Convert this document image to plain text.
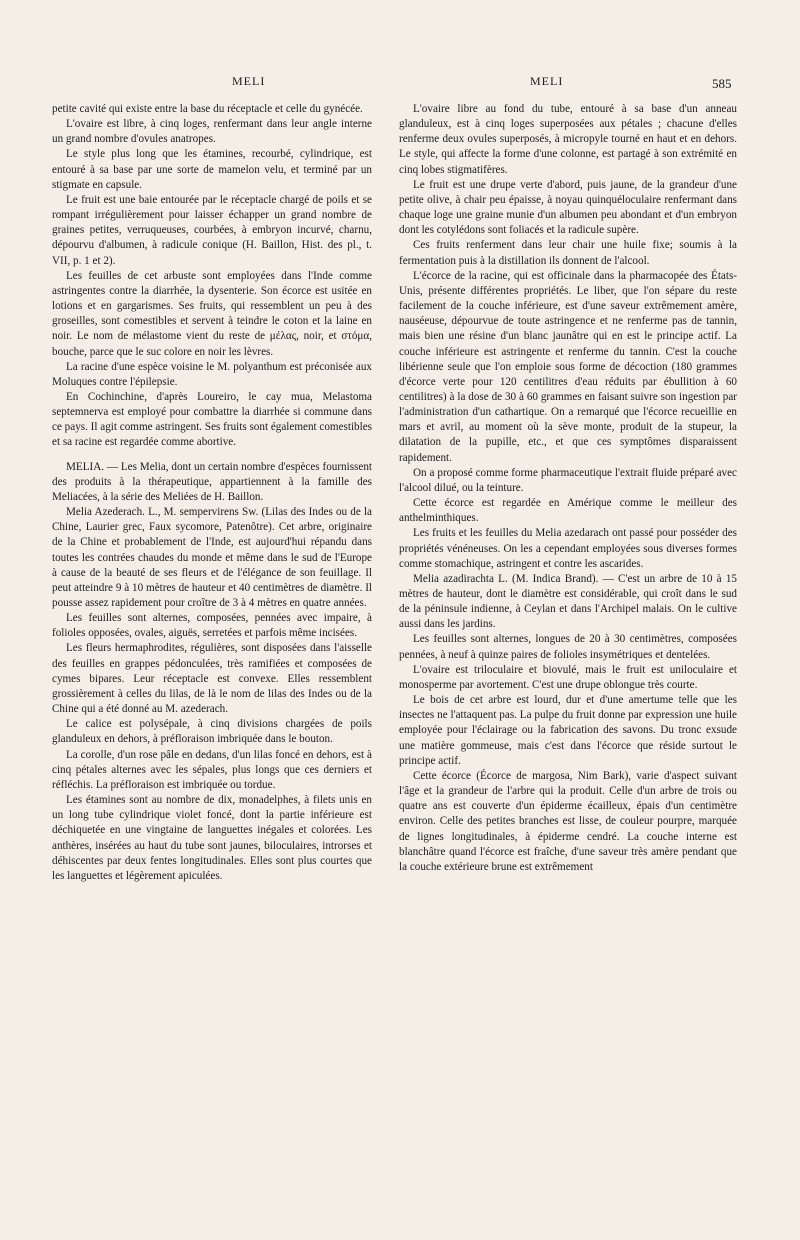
MELI	MELI	585

petite cavité qui existe entre la base du réceptacle et celle du gynécée.

L'ovaire est libre, à cinq loges, renfermant dans leur angle interne un grand nombre d'ovules anatropes.

Le style plus long que les étamines, recourbé, cylindrique, est entouré à sa base par une sorte de mamelon velu, et terminé par un stigmate en capsule.

Le fruit est une baie entourée par le réceptacle chargé de poils et se rompant irrégulièrement pour laisser échapper un grand nombre de graines petites, verruqueuses, courbées, à embryon incurvé, charnu, dépourvu d'albumen, à radicule conique (H. Baillon, Hist. des pl., t. VII, p. 1 et 2).

Les feuilles de cet arbuste sont employées dans l'Inde comme astringentes contre la diarrhée, la dysenterie. Son écorce est usitée en lotions et en gargarismes. Ses fruits, qui ressemblent un peu à des groseilles, sont comestibles et servent à teindre le coton et la laine en noir. Le nom de mélastome vient du reste de μέλας, noir, et στόμα, bouche, parce que le suc colore en noir les lèvres.

La racine d'une espèce voisine le M. polyanthum est préconisée aux Moluques contre l'épilepsie.

En Cochinchine, d'après Loureiro, le cay mua, Melastoma septemnerva est employé pour combattre la diarrhée si commune dans ce pays. Il agit comme astringent. Ses fruits sont également comestibles et sa racine est regardée comme abortive.

MELIA. — Les Melia, dont un certain nombre d'espèces fournissent des produits à la thérapeutique, appartiennent à la famille des Meliacées, à la série des Meliées de H. Baillon.

Melia Azederach. L., M. sempervirens Sw. (Lilas des Indes ou de la Chine, Laurier grec, Faux sycomore, Patenôtre). Cet arbre, originaire de la Chine et probablement de l'Inde, est aujourd'hui répandu dans toutes les contrées chaudes du monde et même dans le sud de l'Europe à cause de la beauté de ses fleurs et de l'élégance de son feuillage. Il peut atteindre 9 à 10 mètres de hauteur et 40 centimètres de diamètre. Il pousse assez rapidement pour croître de 3 à 4 mètres en quatre années.

Les feuilles sont alternes, composées, pennées avec impaire, à folioles opposées, ovales, aiguës, serretées et parfois même incisées.

Les fleurs hermaphrodites, régulières, sont disposées dans l'aisselle des feuilles en grappes pédonculées, très ramifiées et composées de cymes bipares. Leur réceptacle est convexe. Elles ressemblent grossièrement à celles du lilas, de là le nom de lilas des Indes ou de la Chine qui a été donné au M. azederach.

Le calice est polysépale, à cinq divisions chargées de poils glanduleux en dehors, à préfloraison imbriquée dans le bouton.

La corolle, d'un rose pâle en dedans, d'un lilas foncé en dehors, est à cinq pétales alternes avec les sépales, plus longs que ces derniers et réfléchis. La préfloraison est imbriquée ou tordue.

Les étamines sont au nombre de dix, monadelphes, à filets unis en un long tube cylindrique violet foncé, dont la partie inférieure est déchiquetée en une vingtaine de languettes inégales et colorées. Les anthères, insérées au haut du tube sont jaunes, biloculaires, introrses et déhiscentes par deux fentes longitudinales. Elles sont plus courtes que les languettes et légèrement apiculées.

L'ovaire libre au fond du tube, entouré à sa base d'un anneau glanduleux, est à cinq loges superposées aux pétales ; chacune d'elles renferme deux ovules superposés, à micropyle tourné en haut et en dehors. Le style, qui affecte la forme d'une colonne, est partagé à son extrémité en cinq lobes stigmatifères.

Le fruit est une drupe verte d'abord, puis jaune, de la grandeur d'une petite olive, à chair peu épaisse, à noyau quinquéloculaire renfermant dans chaque loge une graine munie d'un albumen peu abondant et d'un embryon dont les cotylédons sont foliacés et la radicule supère.

Ces fruits renferment dans leur chair une huile fixe; soumis à la fermentation puis à la distillation ils donnent de l'alcool.

L'écorce de la racine, qui est officinale dans la pharmacopée des États-Unis, présente différentes propriétés. Le liber, que l'on sépare du reste facilement de la couche inférieure, est d'une saveur extrêmement amère, nauséeuse, dépourvue de toute astringence et ne renferme pas de tannin, mais bien une résine d'un blanc jaunâtre qui en est le principe actif. La couche inférieure est astringente et renferme du tannin. C'est la couche libérienne seule que l'on emploie sous forme de décoction (180 grammes d'écorce verte pour 120 centilitres d'eau réduits par ébullition à 60 centilitres) à la dose de 30 à 60 grammes en faisant suivre son ingestion par l'administration d'un cathartique. On a remarqué que l'écorce recueillie en mars et avril, au moment où la sève monte, produit de la stupeur, la dilatation de la pupille, etc., et que ces symptômes disparaissent rapidement.

On a proposé comme forme pharmaceutique l'extrait fluide préparé avec l'alcool dilué, ou la teinture.

Cette écorce est regardée en Amérique comme le meilleur des anthelminthiques.

Les fruits et les feuilles du Melia azedarach ont passé pour posséder des propriétés vénéneuses. On les a cependant employées sous diverses formes comme stomachique, astringent et contre les ascarides.

Melia azadirachta L. (M. Indica Brand). — C'est un arbre de 10 à 15 mètres de hauteur, dont le diamètre est considérable, qui croît dans le sud de la péninsule indienne, à Ceylan et dans l'Archipel malais. On le cultive aussi dans les jardins.

Les feuilles sont alternes, longues de 20 à 30 centimètres, composées pennées, à neuf à quinze paires de folioles insymétriques et dentelées.

L'ovaire est triloculaire et biovulé, mais le fruit est uniloculaire et monosperme par avortement. C'est une drupe oblongue très courte.

Le bois de cet arbre est lourd, dur et d'une amertume telle que les insectes ne l'attaquent pas. La pulpe du fruit donne par expression une huile employée pour l'éclairage ou la fabrication des savons. Du tronc exsude une matière gommeuse, mais c'est dans l'écorce que réside surtout le principe actif.

Cette écorce (Écorce de margosa, Nim Bark), varie d'aspect suivant l'âge et la grandeur de l'arbre qui la produit. Celle d'un arbre de trois ou quatre ans est couverte d'un épiderme écailleux, épais d'un centimètre environ. Celle des petites branches est lisse, de couleur pourpre, marquée de lignes longitudinales, à épiderme cendré. La couche interne est blanchâtre quand l'écorce est fraîche, d'une saveur très amère pendant que la couche extérieure brune est extrêmement
